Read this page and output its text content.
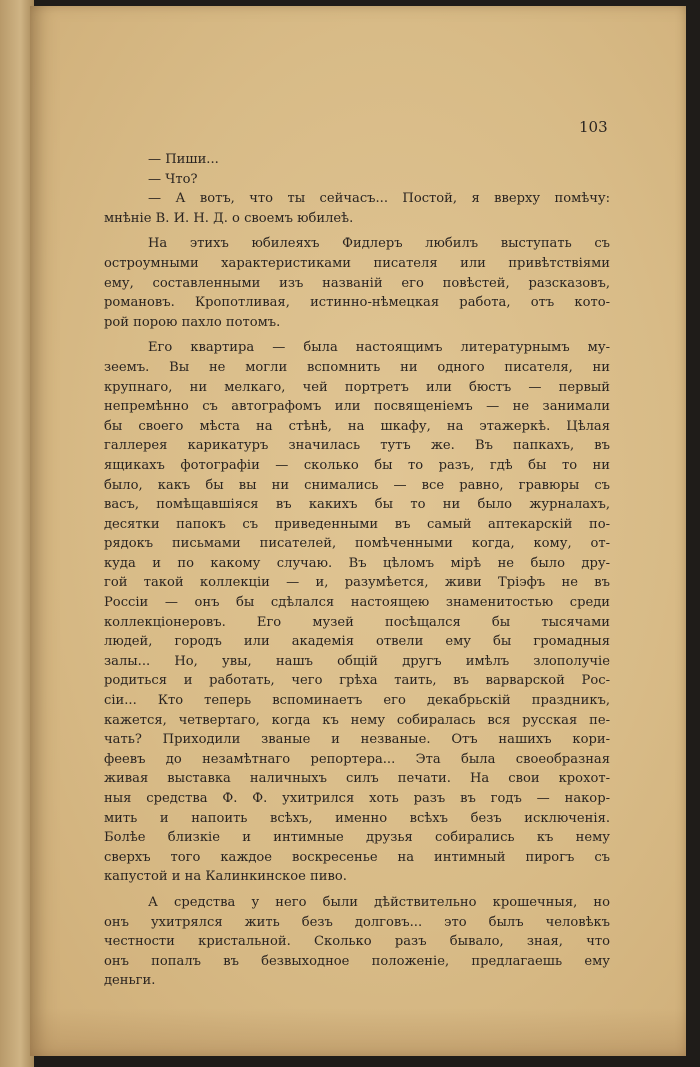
103
— Пиши...
— Что?
— А вотъ, что ты сейчасъ... Постой, я вверху помѣчу:
мнѣніе В. И. Н. Д. о своемъ юбилеѣ.
На этихъ юбилеяхъ Фидлеръ любилъ выступать съ
остроумными характеристиками писателя или привѣтствіями
ему, составленными изъ названій его повѣстей, разсказовъ,
романовъ. Кропотливая, истинно-нѣмецкая работа, отъ кото-
рой порою пахло потомъ.
Его квартира — была настоящимъ литературнымъ му-
зеемъ. Вы не могли вспомнить ни одного писателя, ни
крупнаго, ни мелкаго, чей портретъ или бюстъ — первый
непремѣнно съ автографомъ или посвященіемъ — не занимали
бы своего мѣста на стѣнѣ, на шкафу, на этажеркѣ. Цѣлая
галлерея карикатуръ значилась тутъ же. Въ папкахъ, въ
ящикахъ фотографіи — сколько бы то разъ, гдѣ бы то ни
было, какъ бы вы ни снимались — все равно, гравюры съ
васъ, помѣщавшіяся въ какихъ бы то ни было журналахъ,
десятки папокъ съ приведенными въ самый аптекарскій по-
рядокъ письмами писателей, помѣченными когда, кому, от-
куда и по какому случаю. Въ цѣломъ мірѣ не было дру-
гой такой коллекціи — и, разумѣется, живи Тріэфъ не въ
Россіи — онъ бы сдѣлался настоящею знаменитостью среди
коллекціонеровъ. Его музей посѣщался бы тысячами
людей, городъ или академія отвели ему бы громадныя
залы... Но, увы, нашъ общій другъ имѣлъ злополучіе
родиться и работать, чего грѣха таить, въ варварской Рос-
сіи... Кто теперь вспоминаетъ его декабрьскій праздникъ,
кажется, четвертаго, когда къ нему собиралась вся русская пе-
чать? Приходили званые и незваные. Отъ нашихъ кори-
феевъ до незамѣтнаго репортера... Эта была своеобразная
живая выставка наличныхъ силъ печати. На свои крохот-
ныя средства Ф. Ф. ухитрился хоть разъ въ годъ — накор-
мить и напоить всѣхъ, именно всѣхъ безъ исключенія.
Болѣе близкіе и интимные друзья собирались къ нему
сверхъ того каждое воскресенье на интимный пирогъ съ
капустой и на Калинкинское пиво.
А средства у него были дѣйствительно крошечныя, но
онъ ухитрялся жить безъ долговъ... это былъ человѣкъ
честности кристальной. Сколько разъ бывало, зная, что
онъ попалъ въ безвыходное положеніе, предлагаешь ему
деньги.
